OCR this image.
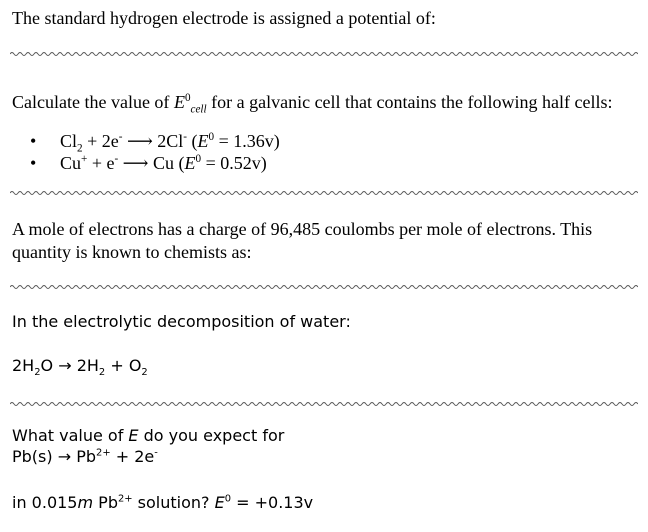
The standard hydrogen electrode is assigned a potential of:
Calculate the value of $E^0_{cell}$ for a galvanic cell that contains the following half cells:
• $Cl_2 + 2e^-$ ⟶ 2Cl- $(E^0 = 1.36v)$
• Cu+ + e- ⟶ Cu $(E^0 = 0.52v)$
A mole of electrons has a charge of 96,485 coulombs per mole of electrons. This
quantity is known to chemists as:
In the electrolytic decomposition of water:
$2H_2O \to 2H_2 + O_2$
What value of E do you expect for
$Pb(s) \to Pb^{2+} + 2e^-$
in 0.015m $Pb^{2+}$ solution? $E^0 = +0.13v$
